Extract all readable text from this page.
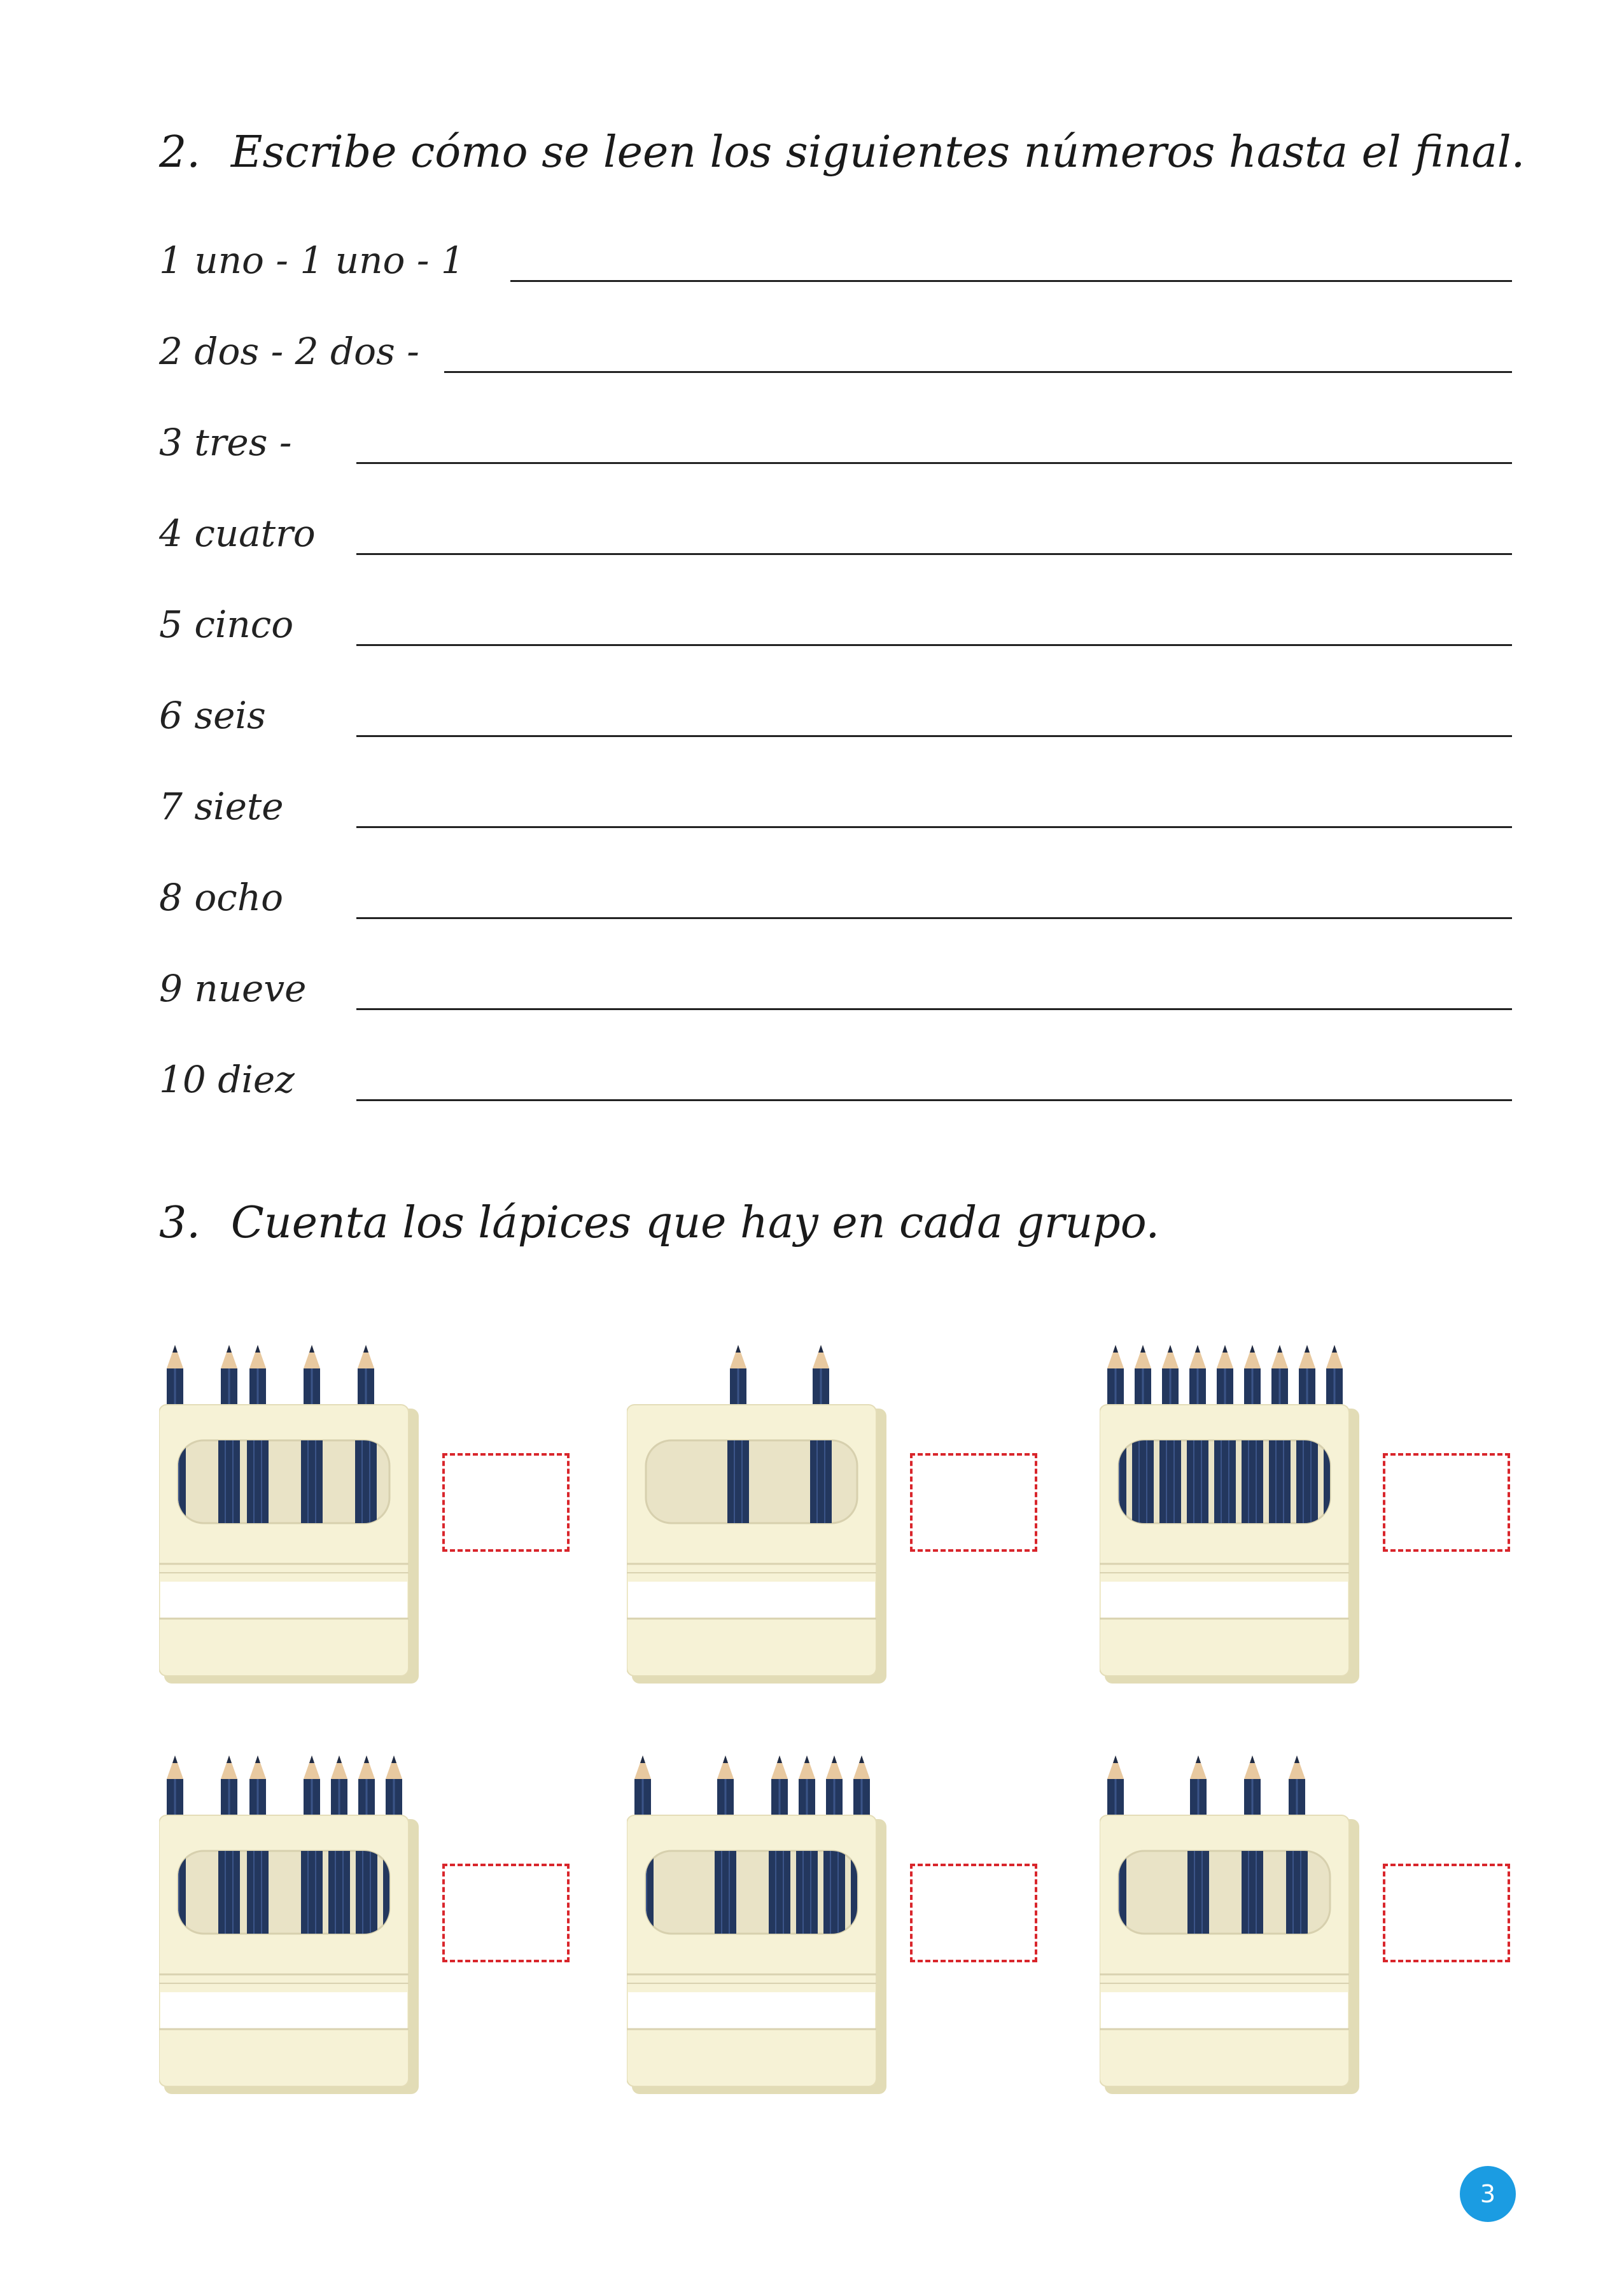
2. Escribe cómo se leen los siguientes números hasta el final.
1 uno - 1 uno - 1
2 dos - 2 dos -
3 tres -
4 cuatro
5 cinco
6 seis
7 siete
8 ocho
9 nueve
10 diez
3. Cuenta los lápices que hay en cada grupo.
3
